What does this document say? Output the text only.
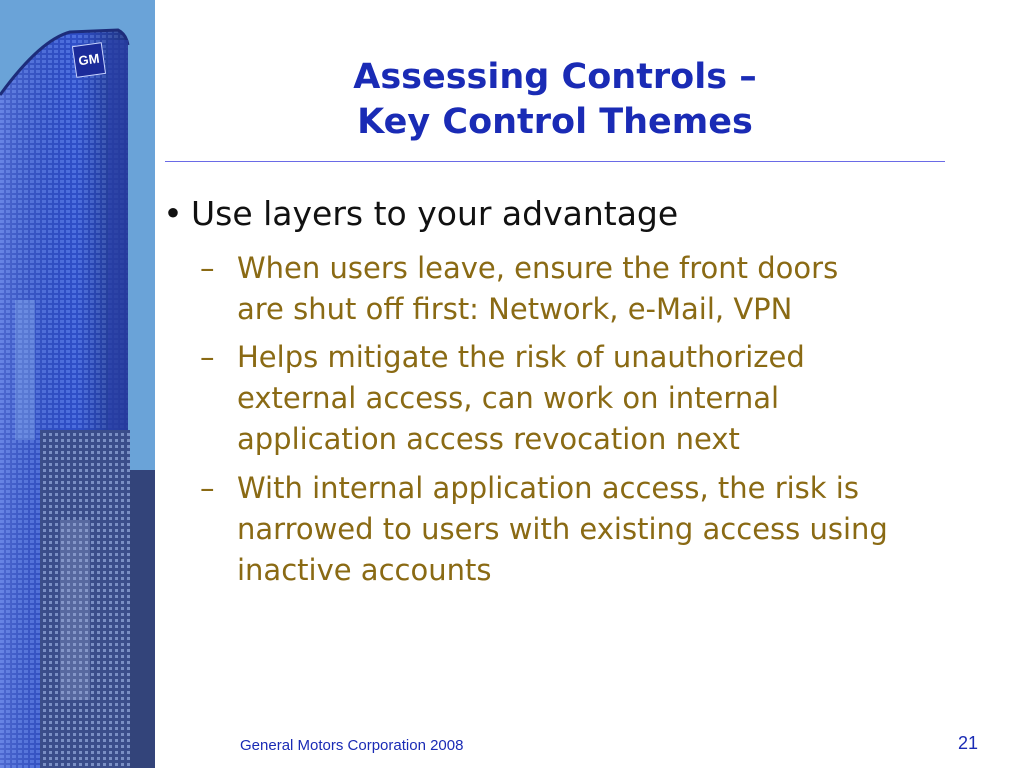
GM	Assessing Controls –
Key Control Themes
• Use layers to your advantage
– When users leave, ensure the front doors
are shut off first: Network, e-Mail, VPN
– Helps mitigate the risk of unauthorized
external access, can work on internal
application access revocation next
– With internal application access, the risk is
narrowed to users with existing access using
inactive accounts
General Motors Corporation 2008	21
